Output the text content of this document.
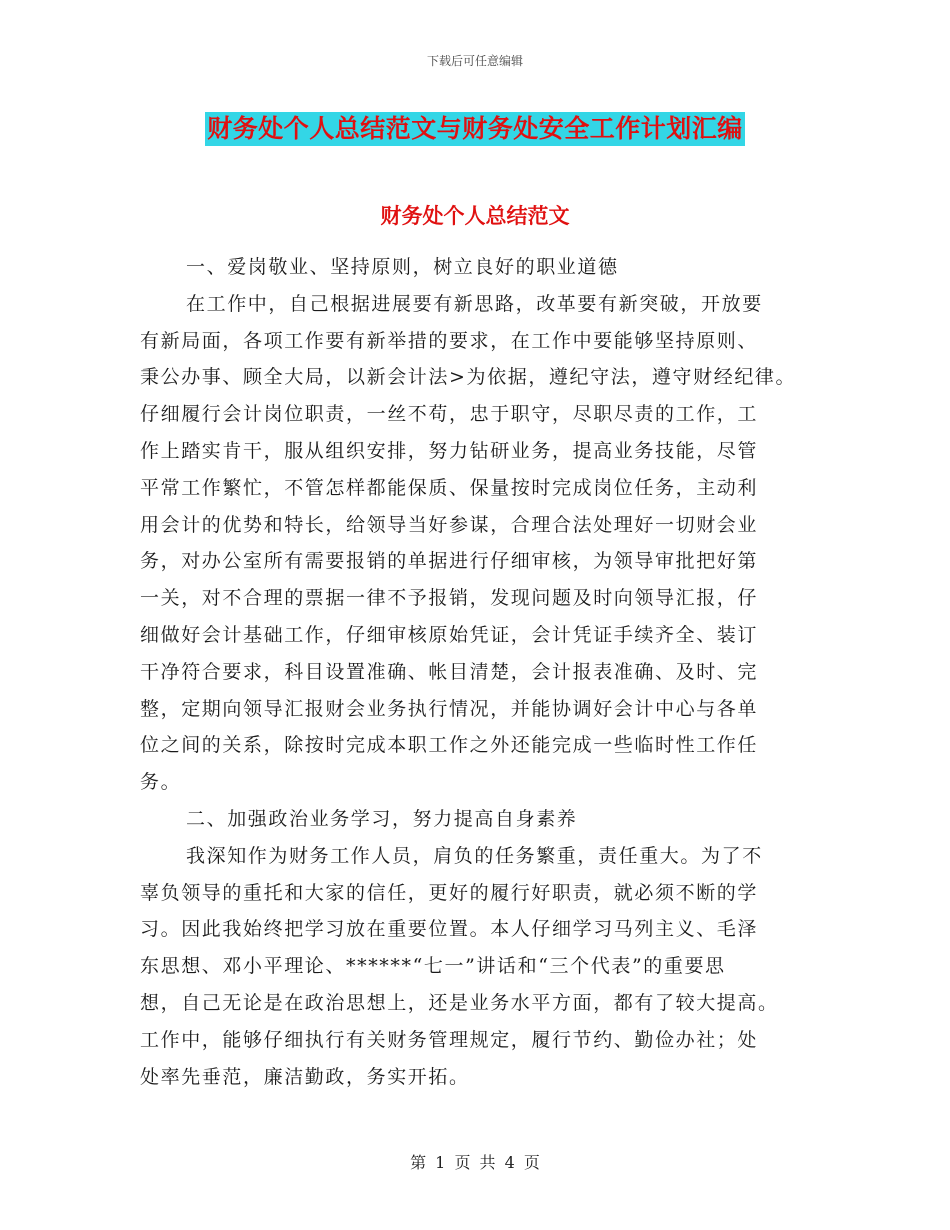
下载后可任意编辑
财务处个人总结范文与财务处安全工作计划汇编
财务处个人总结范文
一、爱岗敬业、坚持原则，树立良好的职业道德
在工作中，自己根据进展要有新思路，改革要有新突破，开放要
有新局面，各项工作要有新举措的要求，在工作中要能够坚持原则、
秉公办事、顾全大局，以新会计法>为依据，遵纪守法，遵守财经纪律。
仔细履行会计岗位职责，一丝不苟，忠于职守，尽职尽责的工作，工
作上踏实肯干，服从组织安排，努力钻研业务，提高业务技能，尽管
平常工作繁忙，不管怎样都能保质、保量按时完成岗位任务，主动利
用会计的优势和特长，给领导当好参谋，合理合法处理好一切财会业
务，对办公室所有需要报销的单据进行仔细审核，为领导审批把好第
一关，对不合理的票据一律不予报销，发现问题及时向领导汇报，仔
细做好会计基础工作，仔细审核原始凭证，会计凭证手续齐全、装订
干净符合要求，科目设置准确、帐目清楚，会计报表准确、及时、完
整，定期向领导汇报财会业务执行情况，并能协调好会计中心与各单
位之间的关系，除按时完成本职工作之外还能完成一些临时性工作任
务。
二、加强政治业务学习，努力提高自身素养
我深知作为财务工作人员，肩负的任务繁重，责任重大。为了不
辜负领导的重托和大家的信任，更好的履行好职责，就必须不断的学
习。因此我始终把学习放在重要位置。本人仔细学习马列主义、毛泽
东思想、邓小平理论、******“七一”讲话和“三个代表”的重要思
想，自己无论是在政治思想上，还是业务水平方面，都有了较大提高。
工作中，能够仔细执行有关财务管理规定，履行节约、勤俭办社；处
处率先垂范，廉洁勤政，务实开拓。
第 1 页 共 4 页
